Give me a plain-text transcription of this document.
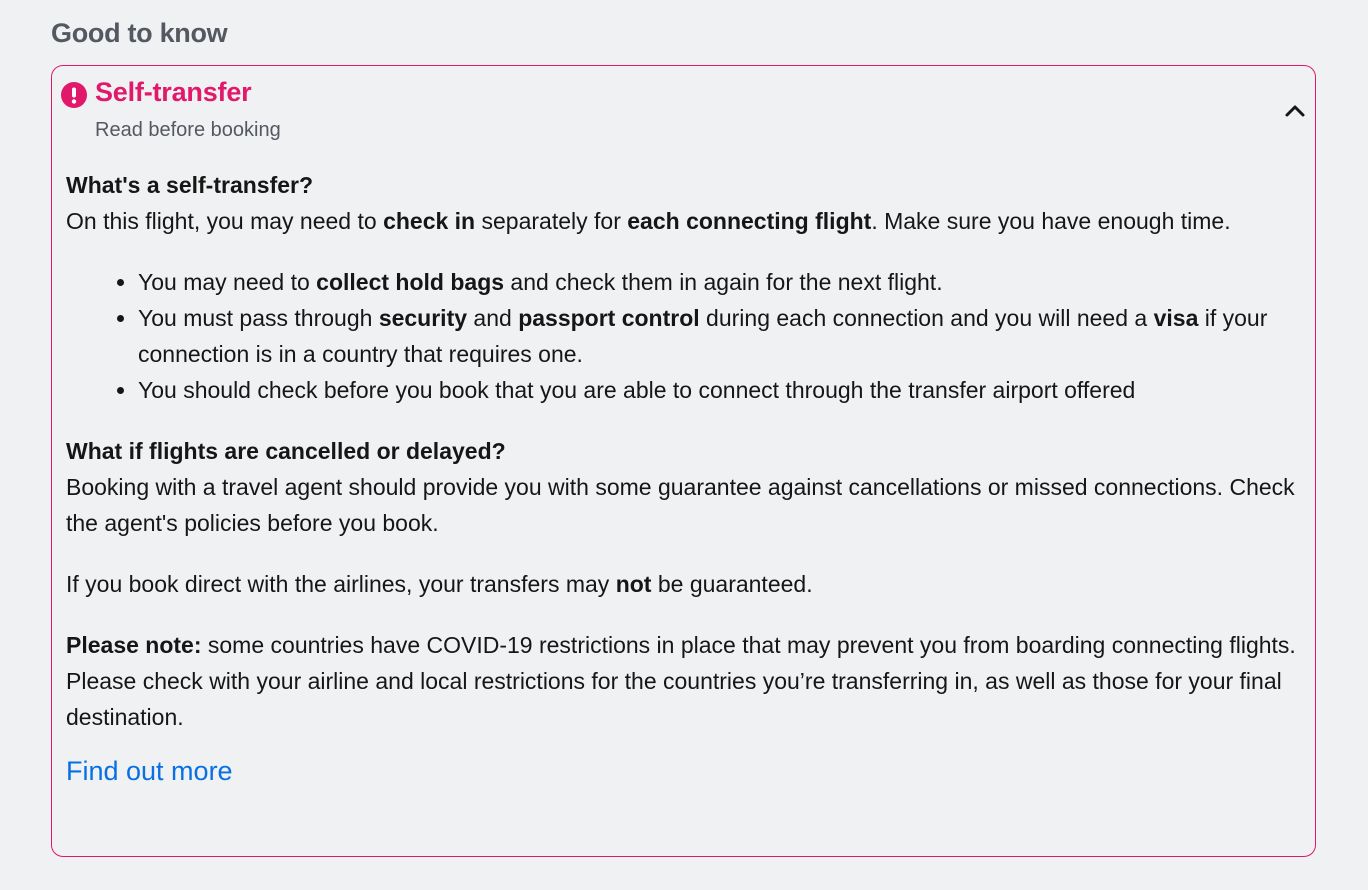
Good to know
Self-transfer
Read before booking

What's a self-transfer?

On this flight, you may need to check in separately for each connecting flight. Make sure you have enough time.

• You may need to collect hold bags and check them in again for the next flight.
• You must pass through security and passport control during each connection and you will need a visa if your connection is in a country that requires one.
• You should check before you book that you are able to connect through the transfer airport offered

What if flights are cancelled or delayed?

Booking with a travel agent should provide you with some guarantee against cancellations or missed connections. Check the agent's policies before you book.

If you book direct with the airlines, your transfers may not be guaranteed.

Please note: some countries have COVID-19 restrictions in place that may prevent you from boarding connecting flights. Please check with your airline and local restrictions for the countries you’re transferring in, as well as those for your final destination.

Find out more
